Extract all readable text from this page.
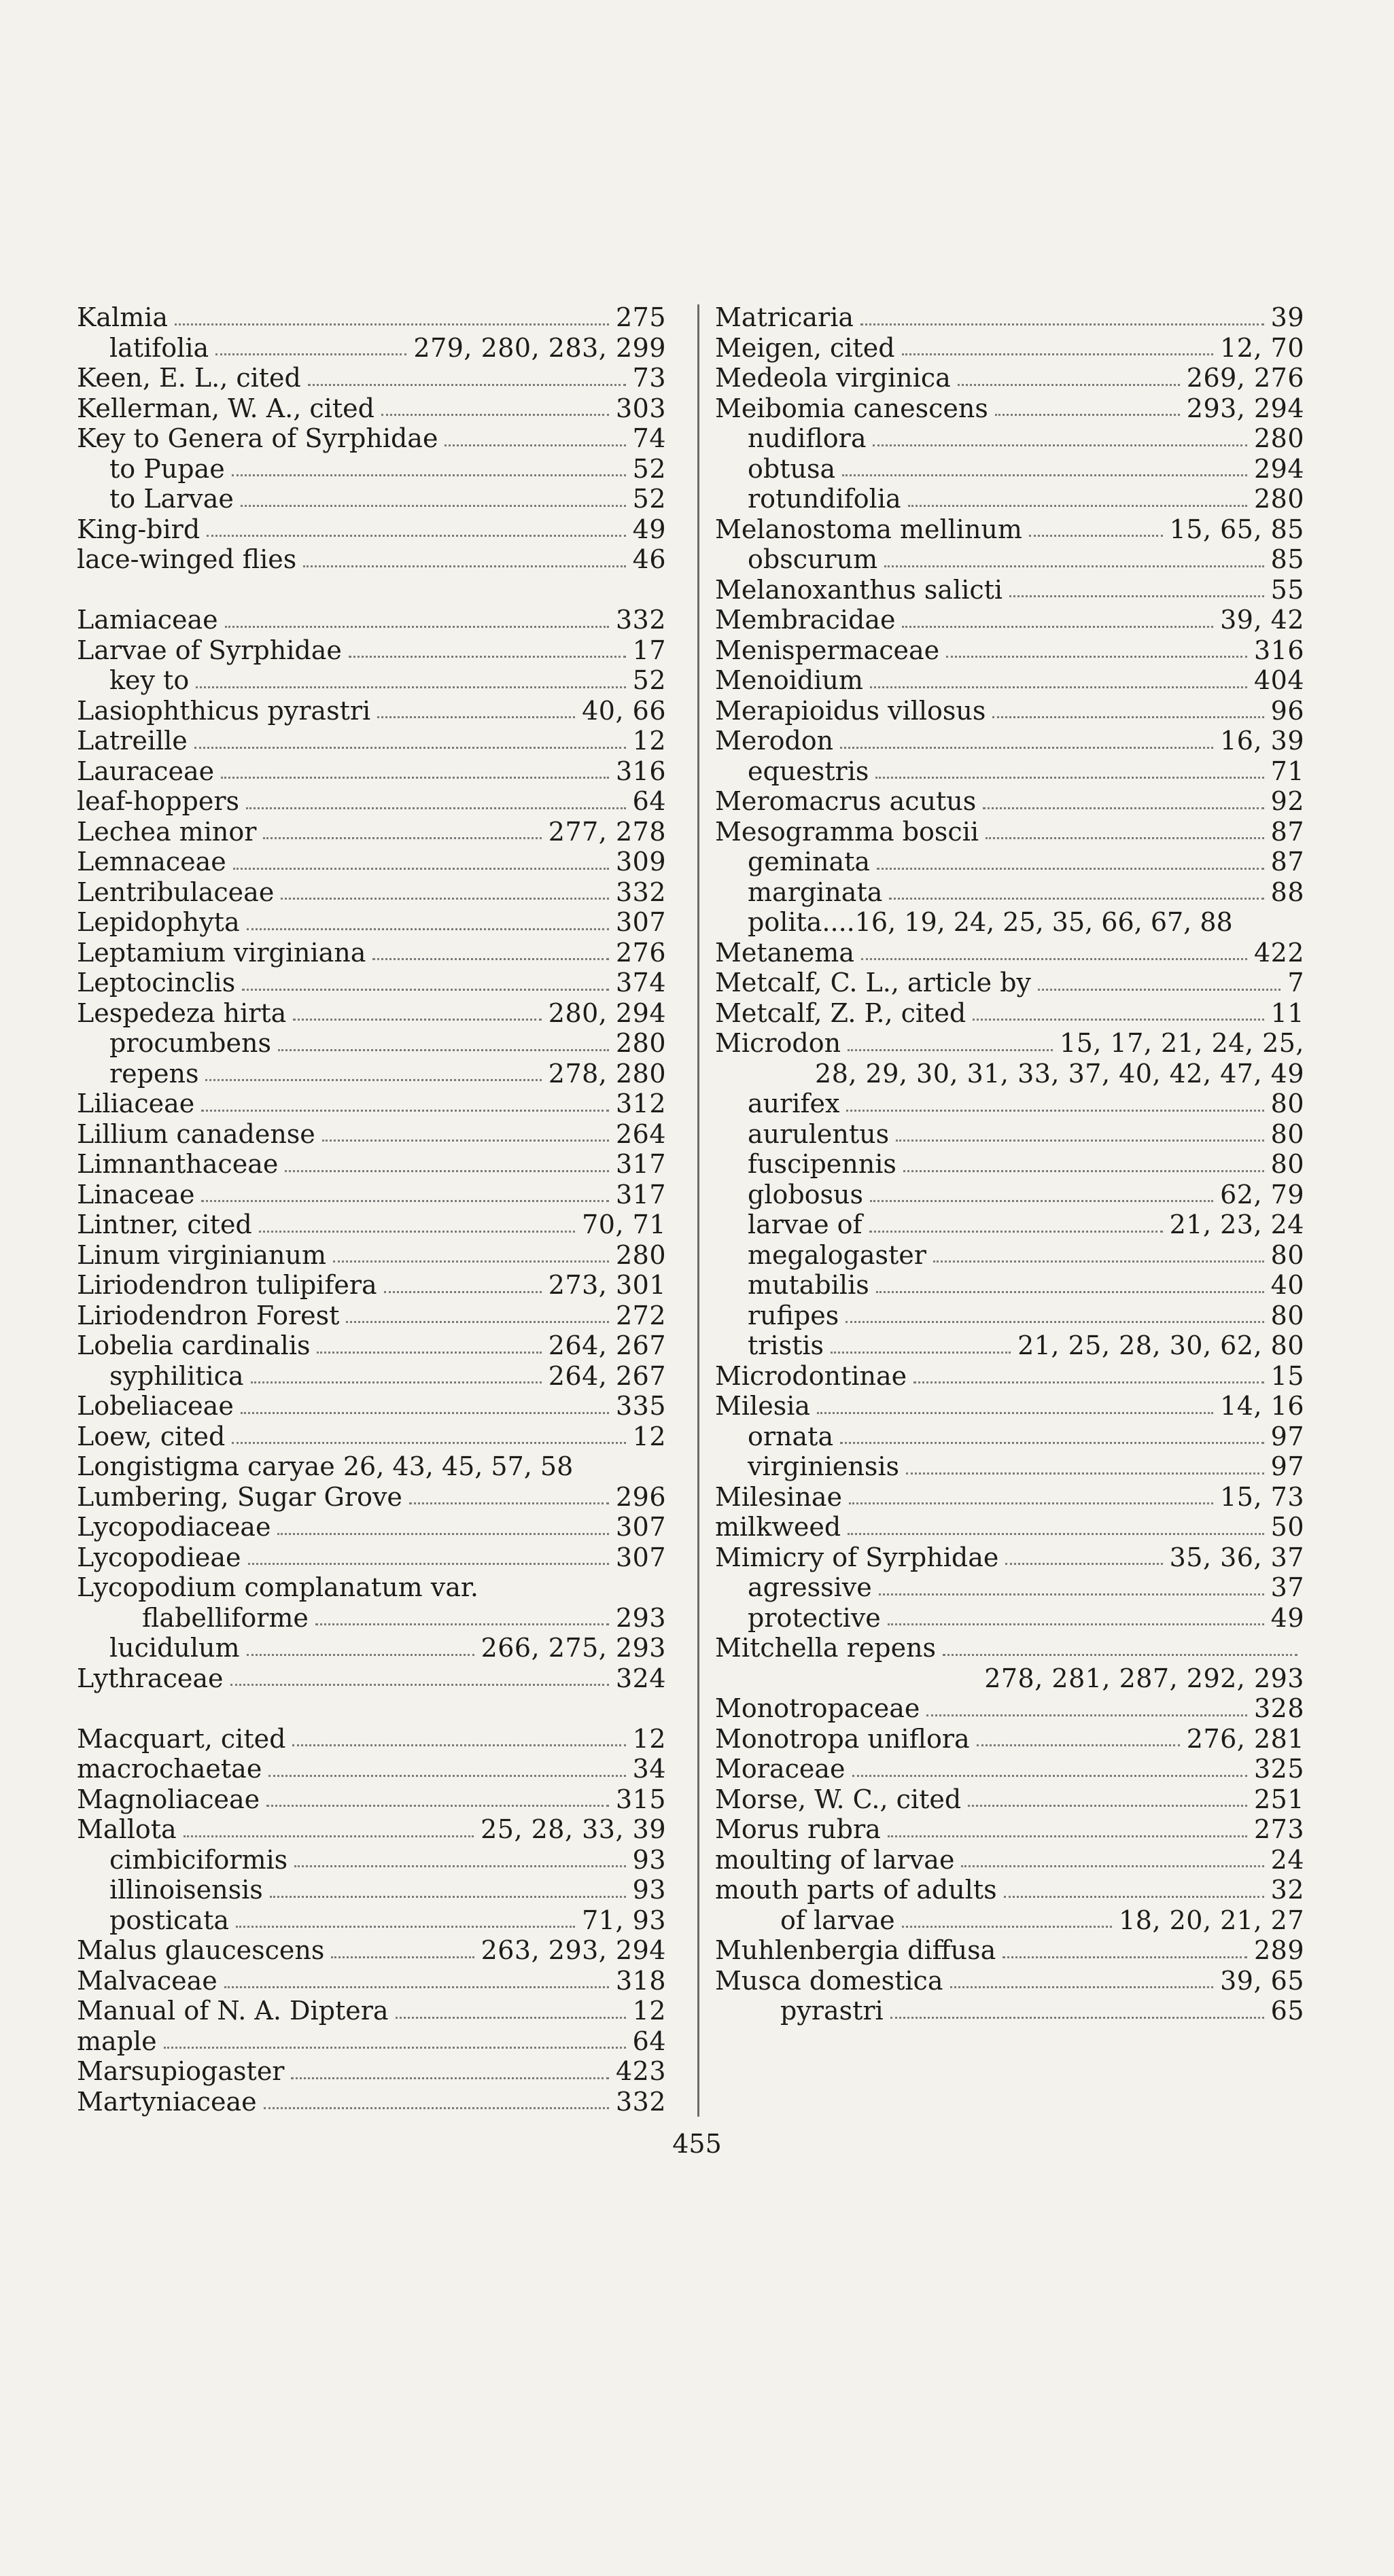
Kalmia	275
latifolia	279, 280, 283, 299
Keen, E. L., cited	73
Kellerman, W. A., cited	303
Key to Genera of Syrphidae	74
to Pupae	52
to Larvae	52
King-bird	49
lace-winged flies	46
Lamiaceae	332
Larvae of Syrphidae	17
key to	52
Lasiophthicus pyrastri	40, 66
Latreille	12
Lauraceae	316
leaf-hoppers	64
Lechea minor	277, 278
Lemnaceae	309
Lentribulaceae	332
Lepidophyta	307
Leptamium virginiana	276
Leptocinclis	374
Lespedeza hirta	280, 294
procumbens	280
repens	278, 280
Liliaceae	312
Lillium canadense	264
Limnanthaceae	317
Linaceae	317
Lintner, cited	70, 71
Linum virginianum	280
Liriodendron tulipifera	273, 301
Liriodendron Forest	272
Lobelia cardinalis	264, 267
syphilitica	264, 267
Lobeliaceae	335
Loew, cited	12
Longistigma caryae 26, 43, 45, 57, 58
Lumbering, Sugar Grove	296
Lycopodiaceae	307
Lycopodieae	307
Lycopodium complanatum var.
flabelliforme	293
lucidulum	266, 275, 293
Lythraceae	324
Macquart, cited	12
macrochaetae	34
Magnoliaceae	315
Mallota	25, 28, 33, 39
cimbiciformis	93
illinoisensis	93
posticata	71, 93
Malus glaucescens	263, 293, 294
Malvaceae	318
Manual of N. A. Diptera	12
maple	64
Marsupiogaster	423
Martyniaceae	332
Matricaria	39
Meigen, cited	12, 70
Medeola virginica	269, 276
Meibomia canescens	293, 294
nudiflora	280
obtusa	294
rotundifolia	280
Melanostoma mellinum	15, 65, 85
obscurum	85
Melanoxanthus salicti	55
Membracidae	39, 42
Menispermaceae	316
Menoidium	404
Merapioidus villosus	96
Merodon	16, 39
equestris	71
Meromacrus acutus	92
Mesogramma boscii	87
geminata	87
marginata	88
polita....16, 19, 24, 25, 35, 66, 67, 88
Metanema	422
Metcalf, C. L., article by	7
Metcalf, Z. P., cited	11
Microdon	15, 17, 21, 24, 25,
28, 29, 30, 31, 33, 37, 40, 42, 47, 49
aurifex	80
aurulentus	80
fuscipennis	80
globosus	62, 79
larvae of	21, 23, 24
megalogaster	80
mutabilis	40
rufipes	80
tristis	21, 25, 28, 30, 62, 80
Microdontinae	15
Milesia	14, 16
ornata	97
virginiensis	97
Milesinae	15, 73
milkweed	50
Mimicry of Syrphidae	35, 36, 37
agressive	37
protective	49
Mitchella repens
278, 281, 287, 292, 293
Monotropaceae	328
Monotropa uniflora	276, 281
Moraceae	325
Morse, W. C., cited	251
Morus rubra	273
moulting of larvae	24
mouth parts of adults	32
of larvae	18, 20, 21, 27
Muhlenbergia diffusa	289
Musca domestica	39, 65
pyrastri	65
455
